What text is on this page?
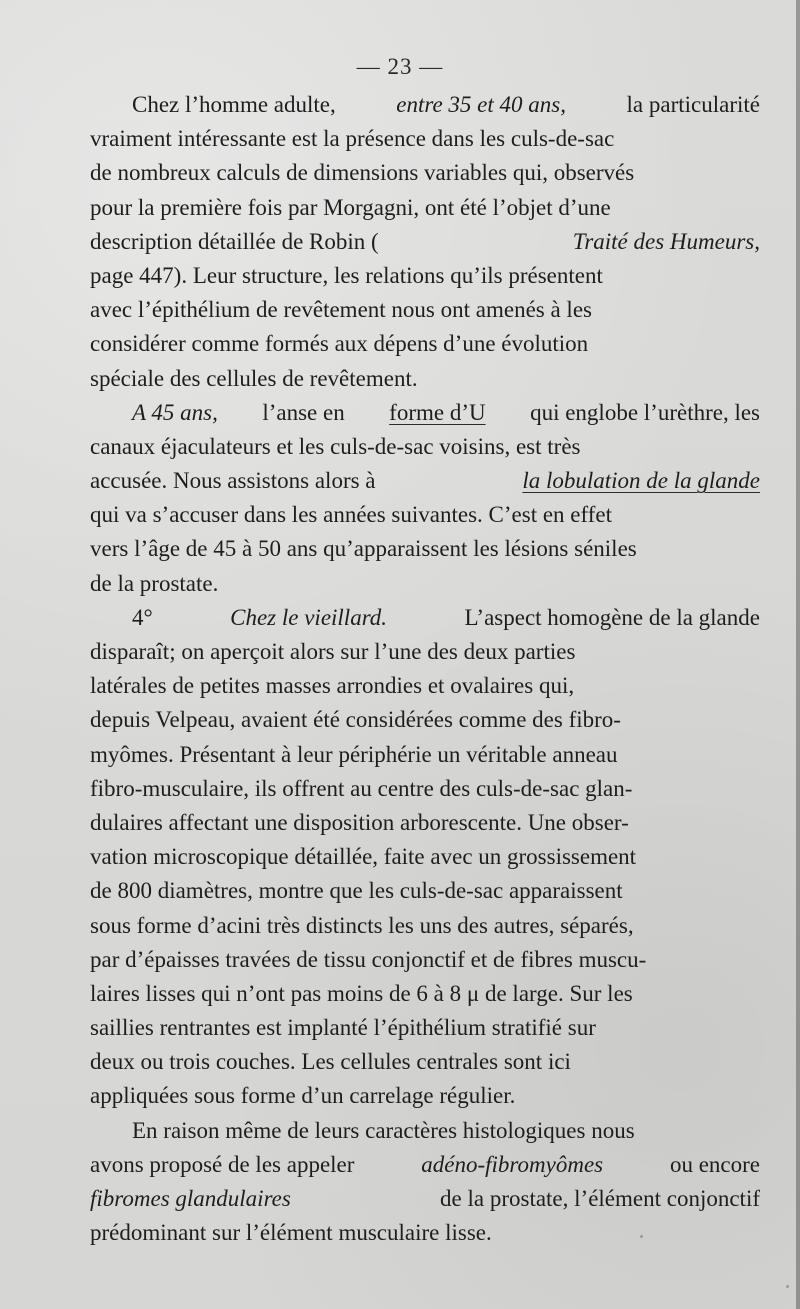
— 23 —
Chez l’homme adulte,	entre 35 et 40 ans,	la particularité
vraiment intéressante est la présence dans les culs-de-sac
de nombreux calculs de dimensions variables qui, observés
pour la première fois par Morgagni, ont été l’objet d’une
description détaillée de Robin (	Traité des Humeurs,
page 447). Leur structure, les relations qu’ils présentent
avec l’épithélium de revêtement nous ont amenés à les
considérer comme formés aux dépens d’une évolution
spéciale des cellules de revêtement.
A 45 ans, l’anse en forme d’U qui englobe l’urèthre, les
canaux éjaculateurs et les culs-de-sac voisins, est très
accusée. Nous assistons alors à	la lobulation de la glande
qui va s’accuser dans les années suivantes. C’est en effet
vers l’âge de 45 à 50 ans qu’apparaissent les lésions séniles
de la prostate.
4°	Chez le vieillard.	L’aspect homogène de la glande
disparaît; on aperçoit alors sur l’une des deux parties
latérales de petites masses arrondies et ovalaires qui,
depuis Velpeau, avaient été considérées comme des fibro-
myômes. Présentant à leur périphérie un véritable anneau
fibro-musculaire, ils offrent au centre des culs-de-sac glan-
dulaires affectant une disposition arborescente. Une obser-
vation microscopique détaillée, faite avec un grossissement
de 800 diamètres, montre que les culs-de-sac apparaissent
sous forme d’acini très distincts les uns des autres, séparés,
par d’épaisses travées de tissu conjonctif et de fibres muscu-
laires lisses qui n’ont pas moins de 6 à 8 μ de large. Sur les
saillies rentrantes est implanté l’épithélium stratifié sur
deux ou trois couches. Les cellules centrales sont ici
appliquées sous forme d’un carrelage régulier.
En raison même de leurs caractères histologiques nous
avons proposé de les appeler	adéno-fibromyômes	ou encore
fibromes glandulaires	de la prostate, l’élément conjonctif
prédominant sur l’élément musculaire lisse.
